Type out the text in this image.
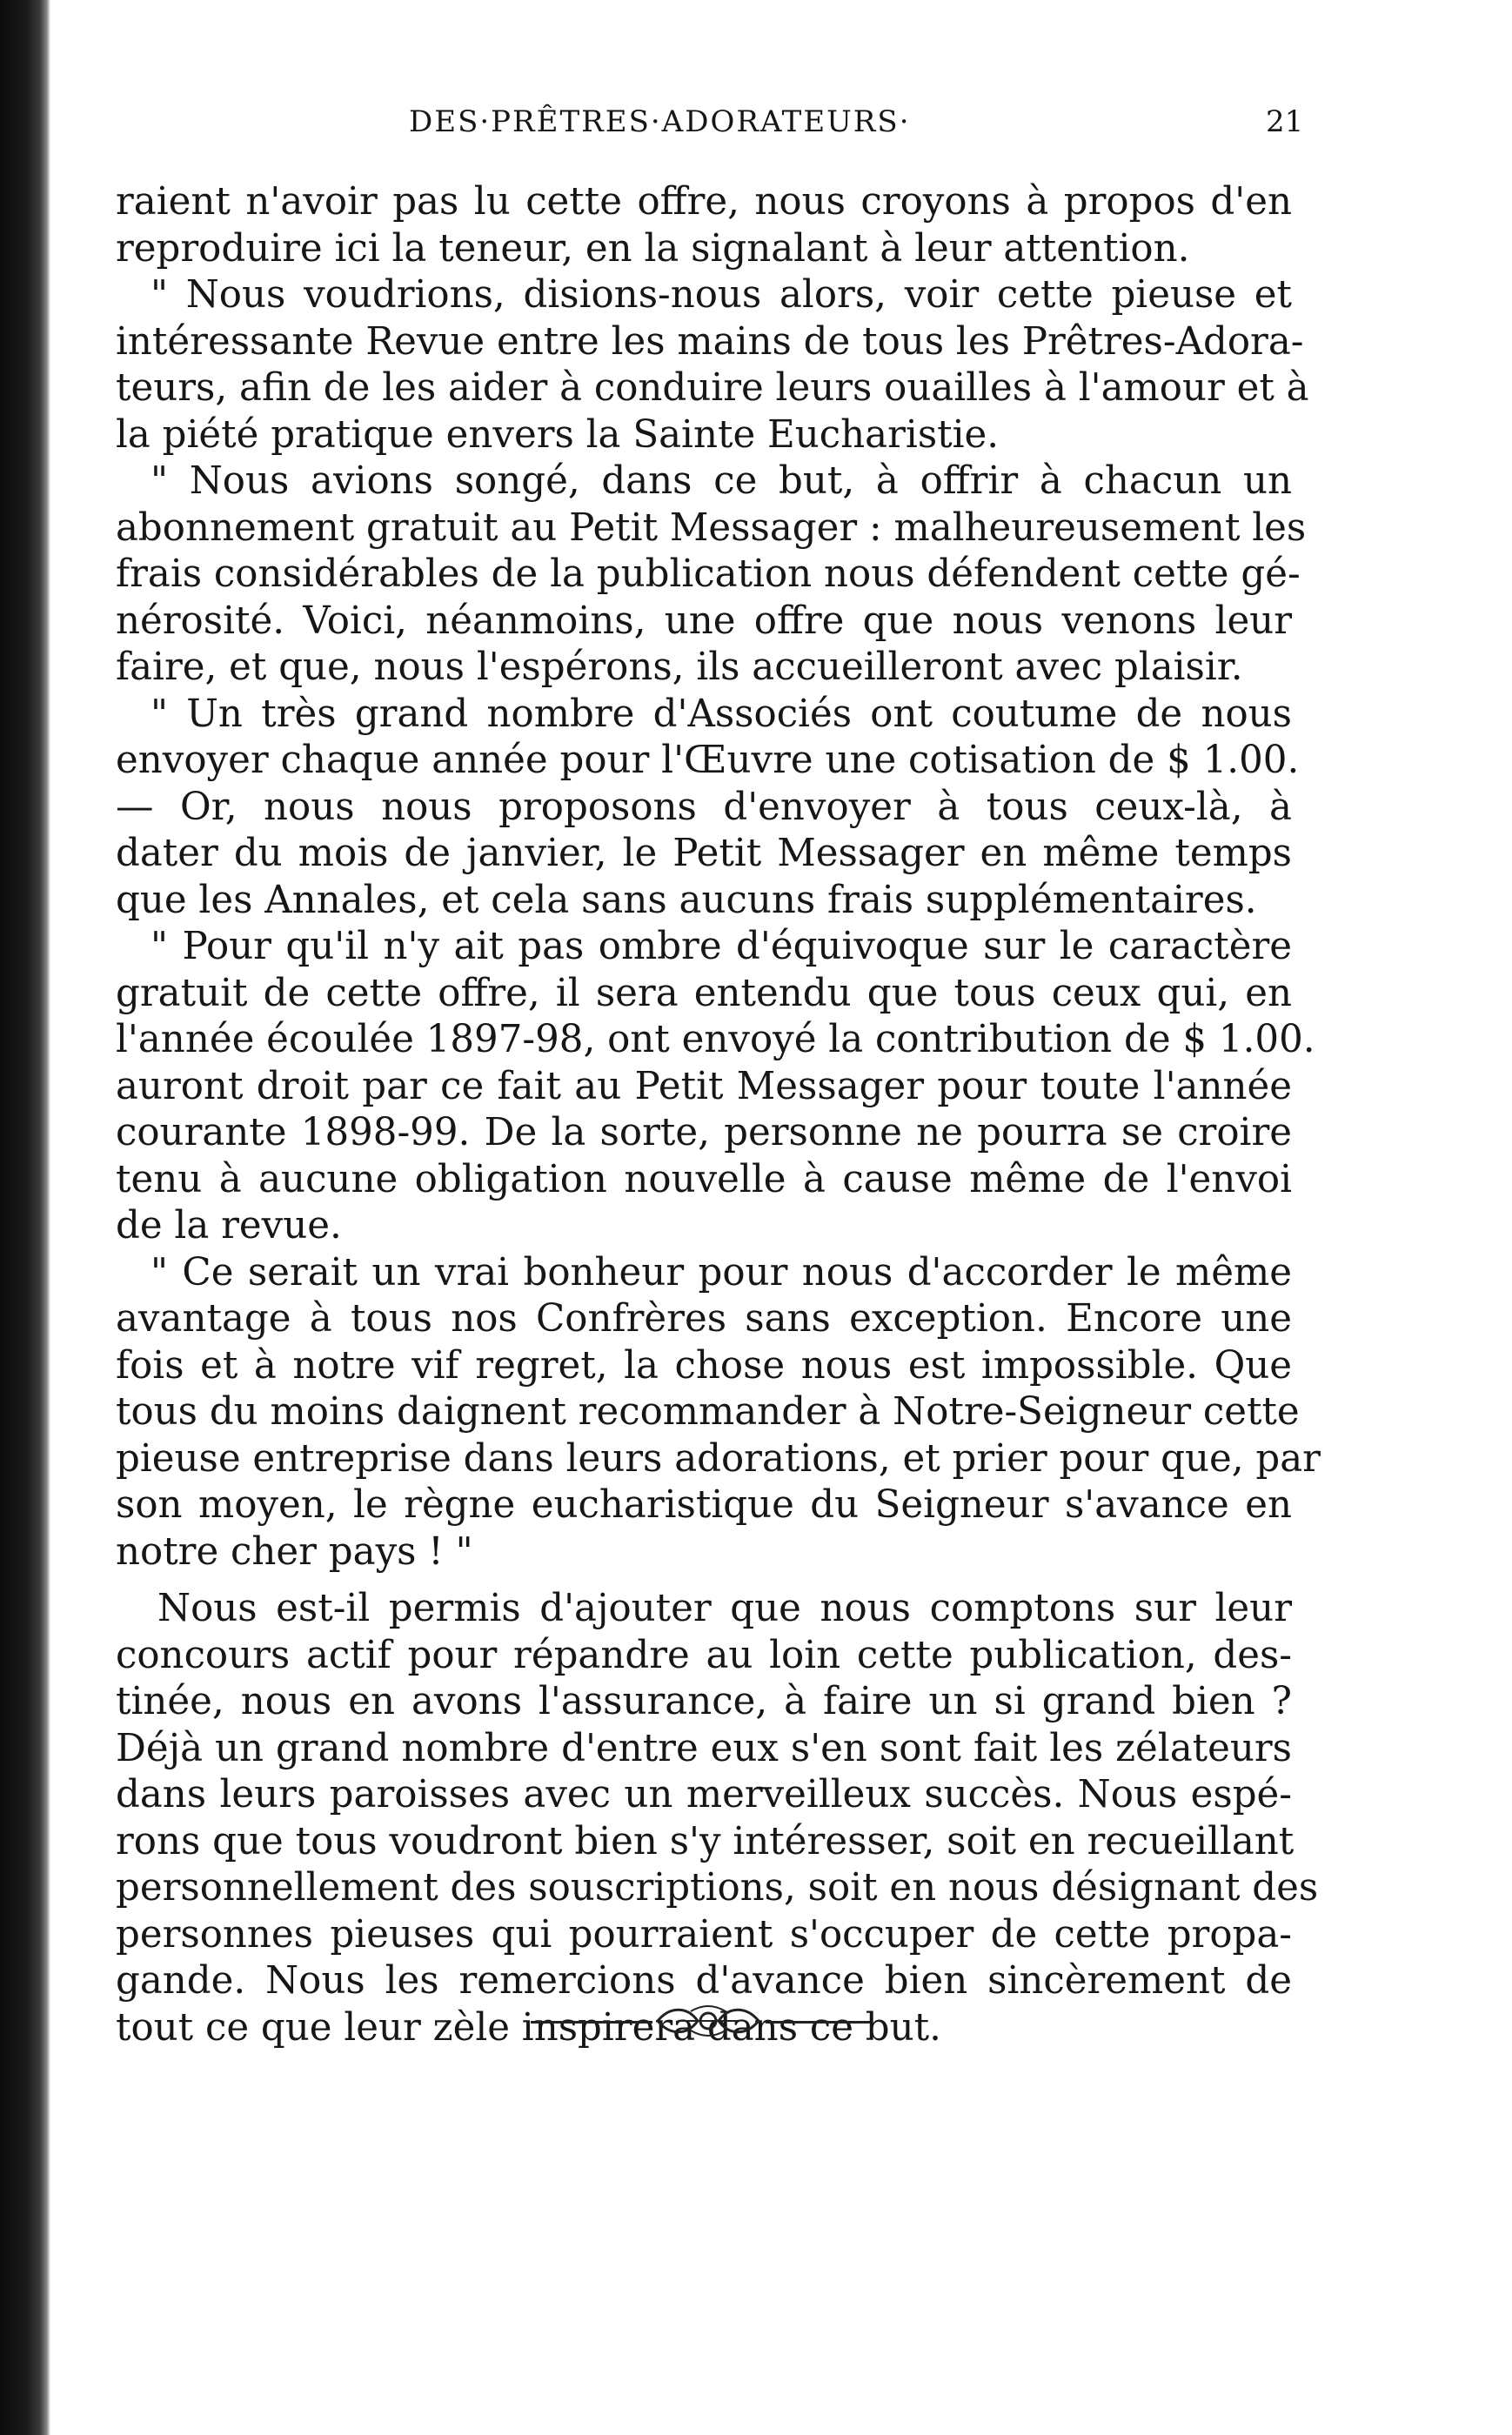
DES·PRÊTRES·ADORATEURS·	21
raient n'avoir pas lu cette offre, nous croyons à propos d'en
reproduire ici la teneur, en la signalant à leur attention.
" Nous voudrions, disions-nous alors, voir cette pieuse et
intéressante Revue entre les mains de tous les Prêtres-Adora-
teurs, afin de les aider à conduire leurs ouailles à l'amour et à
la piété pratique envers la Sainte Eucharistie.
" Nous avions songé, dans ce but, à offrir à chacun un
abonnement gratuit au Petit Messager : malheureusement les
frais considérables de la publication nous défendent cette gé-
nérosité. Voici, néanmoins, une offre que nous venons leur
faire, et que, nous l'espérons, ils accueilleront avec plaisir.
" Un très grand nombre d'Associés ont coutume de nous
envoyer chaque année pour l'Œuvre une cotisation de $ 1.00.
— Or, nous nous proposons d'envoyer à tous ceux-là, à
dater du mois de janvier, le Petit Messager en même temps
que les Annales, et cela sans aucuns frais supplémentaires.
" Pour qu'il n'y ait pas ombre d'équivoque sur le caractère
gratuit de cette offre, il sera entendu que tous ceux qui, en
l'année écoulée 1897-98, ont envoyé la contribution de $ 1.00.
auront droit par ce fait au Petit Messager pour toute l'année
courante 1898-99. De la sorte, personne ne pourra se croire
tenu à aucune obligation nouvelle à cause même de l'envoi
de la revue.
" Ce serait un vrai bonheur pour nous d'accorder le même
avantage à tous nos Confrères sans exception. Encore une
fois et à notre vif regret, la chose nous est impossible. Que
tous du moins daignent recommander à Notre-Seigneur cette
pieuse entreprise dans leurs adorations, et prier pour que, par
son moyen, le règne eucharistique du Seigneur s'avance en
notre cher pays ! "
Nous est-il permis d'ajouter que nous comptons sur leur
concours actif pour répandre au loin cette publication, des-
tinée, nous en avons l'assurance, à faire un si grand bien ?
Déjà un grand nombre d'entre eux s'en sont fait les zélateurs
dans leurs paroisses avec un merveilleux succès. Nous espé-
rons que tous voudront bien s'y intéresser, soit en recueillant
personnellement des souscriptions, soit en nous désignant des
personnes pieuses qui pourraient s'occuper de cette propa-
gande. Nous les remercions d'avance bien sincèrement de
tout ce que leur zèle inspirera dans ce but.
